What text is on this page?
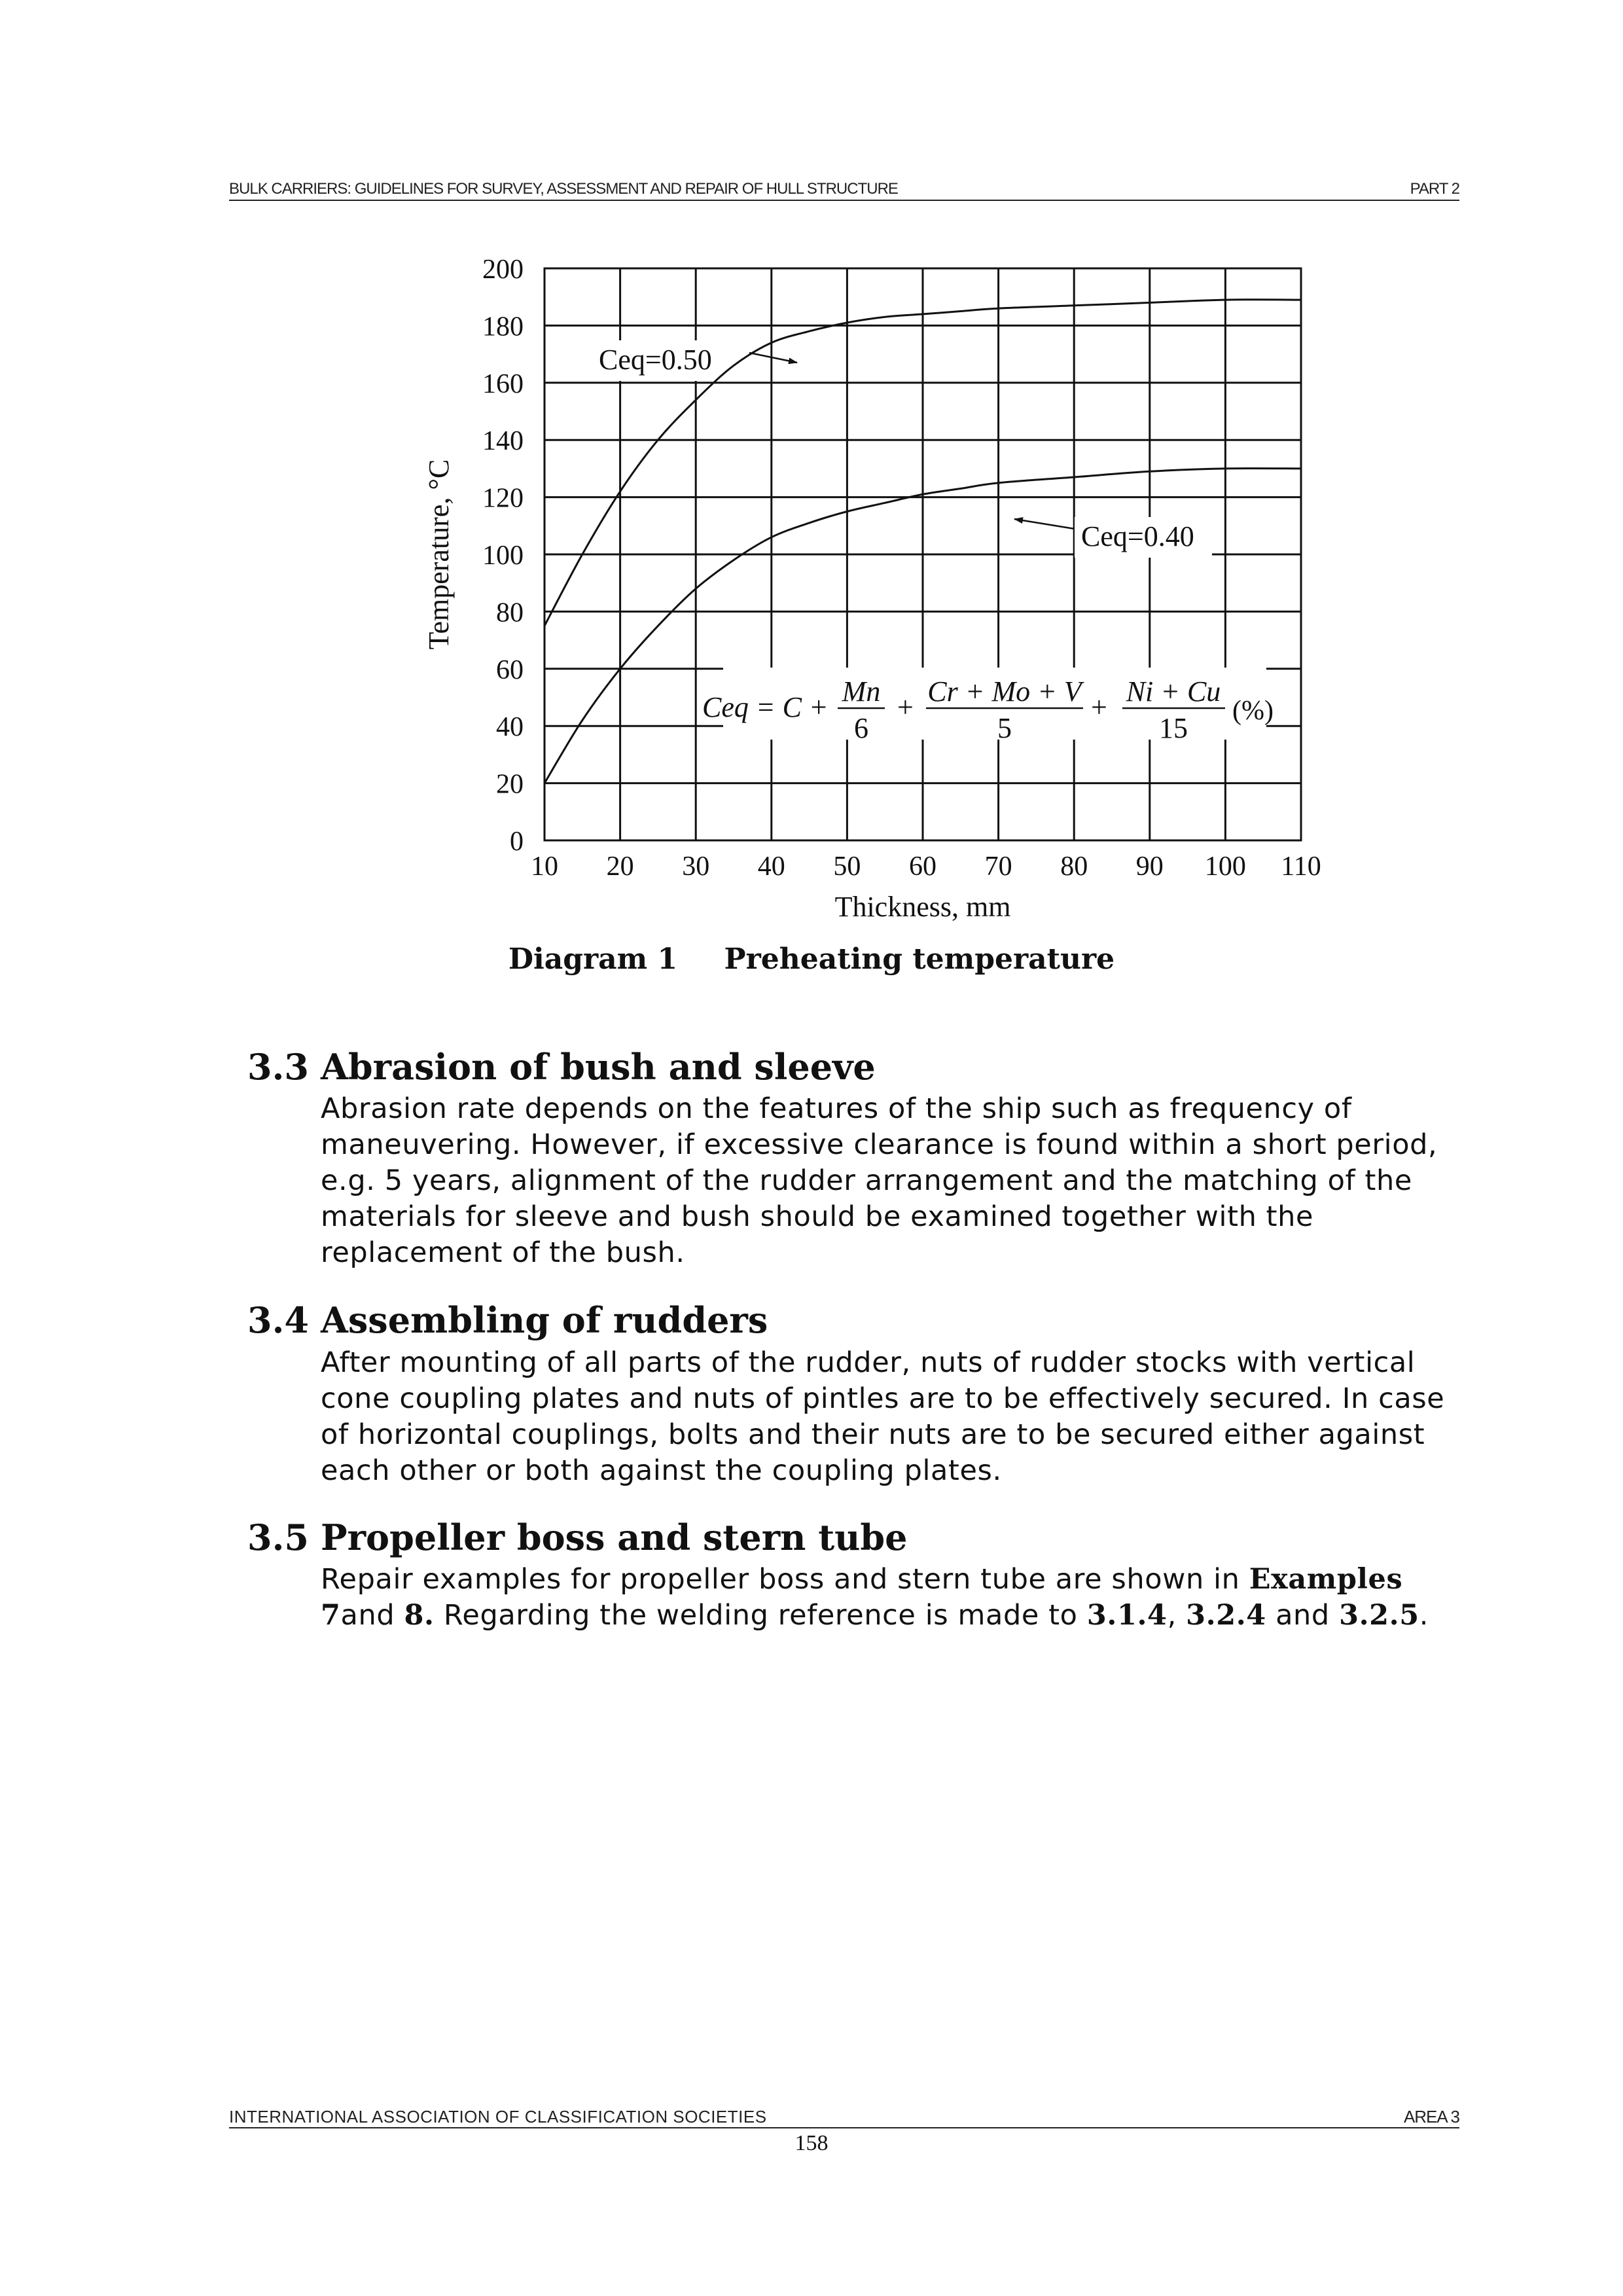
BULK CARRIERS: GUIDELINES FOR SURVEY, ASSESSMENT AND REPAIR OF HULL STRUCTURE	PART 2
0
20
40
60
80
100
120
140
160
180
200
10 20 30 40 50 60 70 80 90 100 110
Thickness, mm
Temperature, °C
Ceq=0.50
Ceq=0.40
Ceq = C + Mn
6
+ Cr + Mo + V
5
+ Ni + Cu
15
(%)
Diagram 1 Preheating temperature
3.3 Abrasion of bush and sleeve
Abrasion rate depends on the features of the ship such as frequency of maneuvering. However, if excessive clearance is found within a short period, e.g. 5 years, alignment of the rudder arrangement and the matching of the materials for sleeve and bush should be examined together with the replacement of the bush.
3.4 Assembling of rudders
After mounting of all parts of the rudder, nuts of rudder stocks with vertical cone coupling plates and nuts of pintles are to be effectively secured. In case of horizontal couplings, bolts and their nuts are to be secured either against each other or both against the coupling plates.
3.5 Propeller boss and stern tube
Repair examples for propeller boss and stern tube are shown in Examples 7and 8. Regarding the welding reference is made to 3.1.4, 3.2.4 and 3.2.5.
INTERNATIONAL ASSOCIATION OF CLASSIFICATION SOCIETIES	AREA 3
158
